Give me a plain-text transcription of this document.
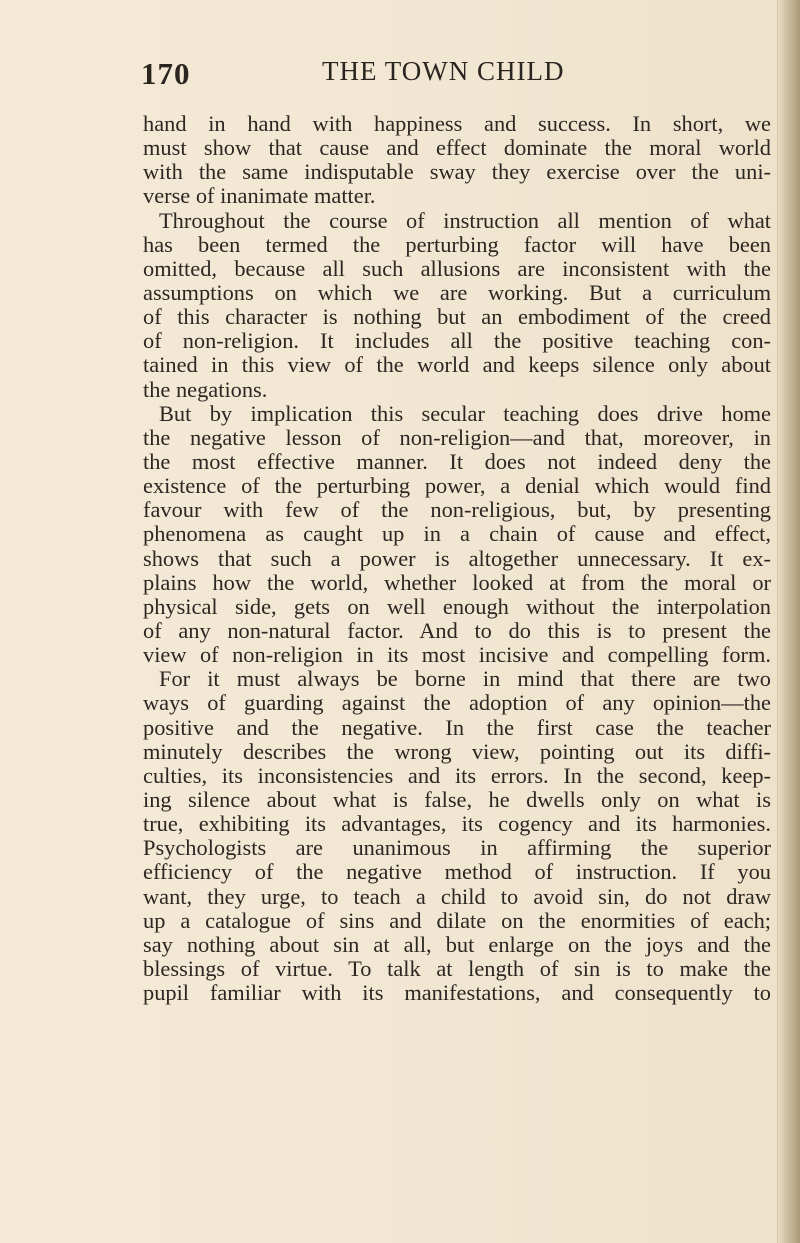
170	THE TOWN CHILD
hand in hand with happiness and success. In short, we
must show that cause and effect dominate the moral world
with the same indisputable sway they exercise over the uni-
verse of inanimate matter.
Throughout the course of instruction all mention of what
has been termed the perturbing factor will have been
omitted, because all such allusions are inconsistent with the
assumptions on which we are working. But a curriculum
of this character is nothing but an embodiment of the creed
of non-religion. It includes all the positive teaching con-
tained in this view of the world and keeps silence only about
the negations.
But by implication this secular teaching does drive home
the negative lesson of non-religion—and that, moreover, in
the most effective manner. It does not indeed deny the
existence of the perturbing power, a denial which would find
favour with few of the non-religious, but, by presenting
phenomena as caught up in a chain of cause and effect,
shows that such a power is altogether unnecessary. It ex-
plains how the world, whether looked at from the moral or
physical side, gets on well enough without the interpolation
of any non-natural factor. And to do this is to present the
view of non-religion in its most incisive and compelling form.
For it must always be borne in mind that there are two
ways of guarding against the adoption of any opinion—the
positive and the negative. In the first case the teacher
minutely describes the wrong view, pointing out its diffi-
culties, its inconsistencies and its errors. In the second, keep-
ing silence about what is false, he dwells only on what is
true, exhibiting its advantages, its cogency and its harmonies.
Psychologists are unanimous in affirming the superior
efficiency of the negative method of instruction. If you
want, they urge, to teach a child to avoid sin, do not draw
up a catalogue of sins and dilate on the enormities of each;
say nothing about sin at all, but enlarge on the joys and the
blessings of virtue. To talk at length of sin is to make the
pupil familiar with its manifestations, and consequently to
